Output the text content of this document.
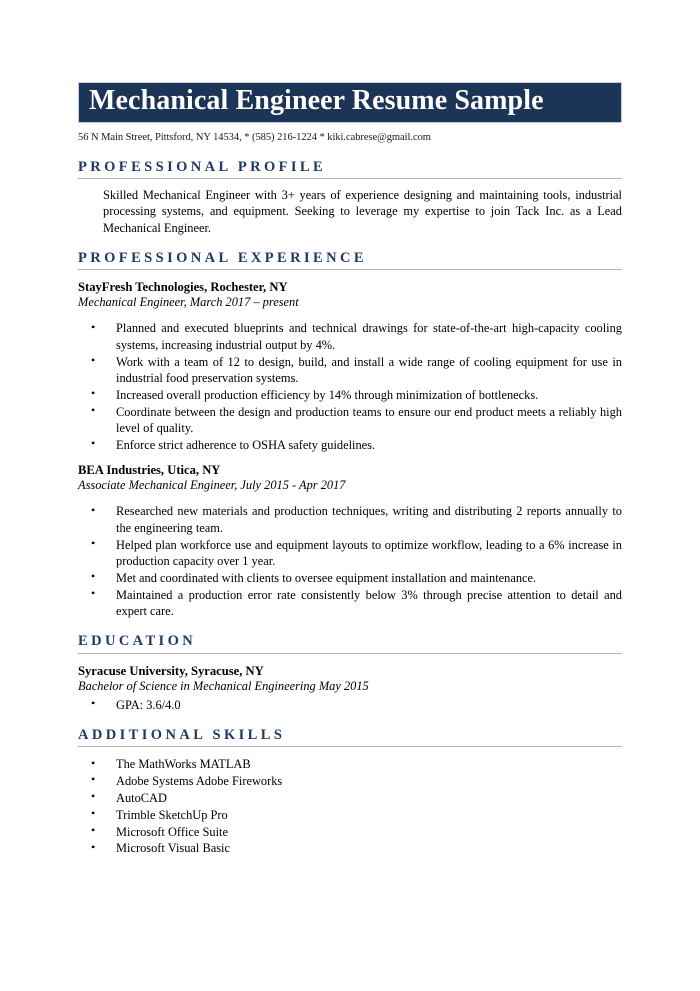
Mechanical Engineer Resume Sample
56 N Main Street, Pittsford, NY 14534, * (585) 216-1224 * kiki.cabrese@gmail.com
PROFESSIONAL PROFILE

Skilled Mechanical Engineer with 3+ years of experience designing and maintaining tools, industrial processing systems, and equipment. Seeking to leverage my expertise to join Tack Inc. as a Lead Mechanical Engineer.

PROFESSIONAL EXPERIENCE
StayFresh Technologies, Rochester, NY
Mechanical Engineer, March 2017 – present
• Planned and executed blueprints and technical drawings for state-of-the-art high-capacity cooling systems, increasing industrial output by 4%.
• Work with a team of 12 to design, build, and install a wide range of cooling equipment for use in industrial food preservation systems.
• Increased overall production efficiency by 14% through minimization of bottlenecks.
• Coordinate between the design and production teams to ensure our end product meets a reliably high level of quality.
• Enforce strict adherence to OSHA safety guidelines.
BEA Industries, Utica, NY
Associate Mechanical Engineer, July 2015 - Apr 2017
• Researched new materials and production techniques, writing and distributing 2 reports annually to the engineering team.
• Helped plan workforce use and equipment layouts to optimize workflow, leading to a 6% increase in production capacity over 1 year.
• Met and coordinated with clients to oversee equipment installation and maintenance.
• Maintained a production error rate consistently below 3% through precise attention to detail and expert care.
EDUCATION
Syracuse University, Syracuse, NY
Bachelor of Science in Mechanical Engineering May 2015
• GPA: 3.6/4.0
ADDITIONAL SKILLS
• The MathWorks MATLAB
• Adobe Systems Adobe Fireworks
• AutoCAD
• Trimble SketchUp Pro
• Microsoft Office Suite
• Microsoft Visual Basic
